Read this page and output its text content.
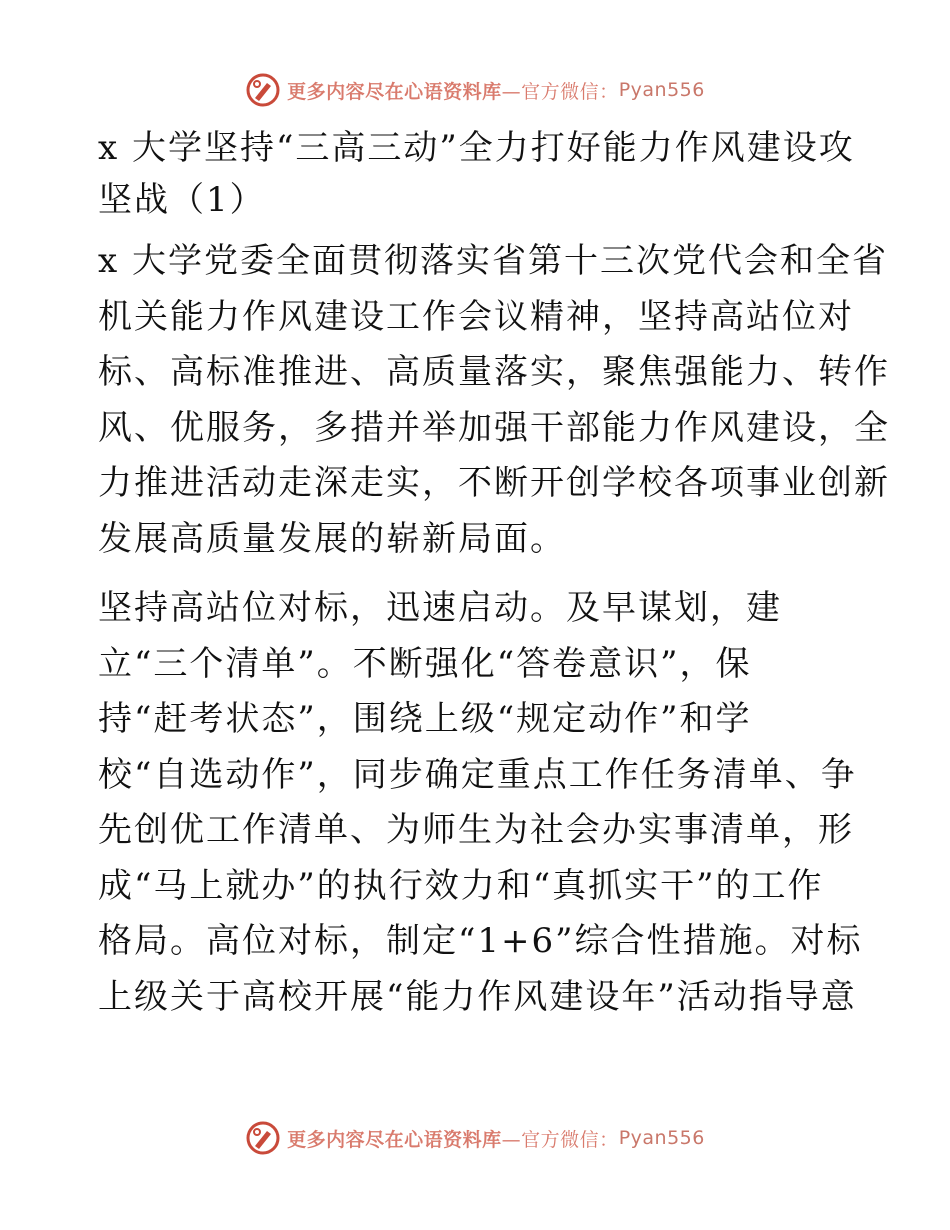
更多内容尽在心语资料库 —官方微信： Pyan556
x 大学坚持“三高三动”全力打好能力作风建设攻
坚战（1）

x 大学党委全面贯彻落实省第十三次党代会和全省
机关能力作风建设工作会议精神，坚持高站位对
标、高标准推进、高质量落实，聚焦强能力、转作
风、优服务，多措并举加强干部能力作风建设，全
力推进活动走深走实，不断开创学校各项事业创新
发展高质量发展的崭新局面。

坚持高站位对标，迅速启动。及早谋划，建
立“三个清单”。不断强化“答卷意识”，保
持“赶考状态”，围绕上级“规定动作”和学
校“自选动作”，同步确定重点工作任务清单、争
先创优工作清单、为师生为社会办实事清单，形
成“马上就办”的执行效力和“真抓实干”的工作
格局。高位对标，制定“1+6”综合性措施。对标
上级关于高校开展“能力作风建设年”活动指导意

更多内容尽在心语资料库 —官方微信： Pyan556
